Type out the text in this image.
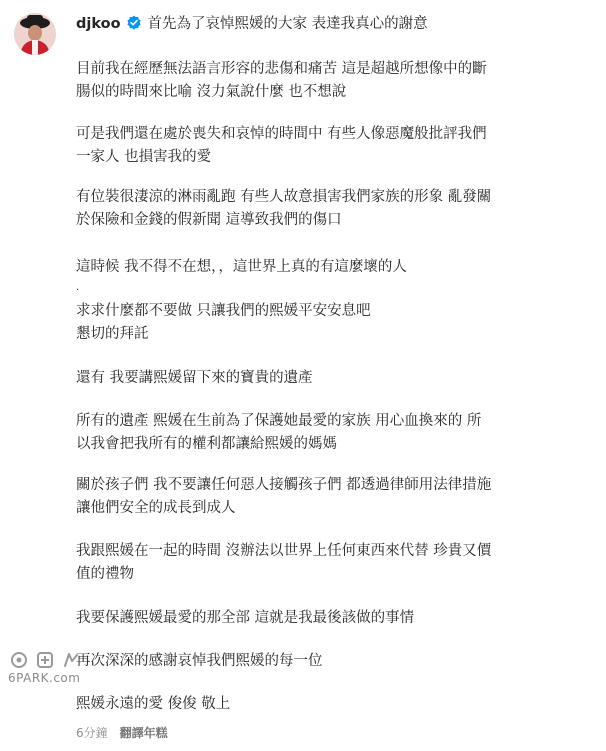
djkoo 首先為了哀悼熙媛的大家 表達我真心的謝意
目前我在經歷無法語言形容的悲傷和痛苦 這是超越所想像中的斷
腸似的時間來比喻 沒力氣說什麼 也不想說
可是我們還在處於喪失和哀悼的時間中 有些人像惡魔般批評我們
一家人 也損害我的愛
有位裝很淒涼的淋雨亂跑 有些人故意損害我們家族的形象 亂發關
於保險和金錢的假新聞 這導致我們的傷口
這時候 我不得不在想，，這世界上真的有這麼壞的人
.
求求什麼都不要做 只讓我們的熙媛平安安息吧
懇切的拜託
還有 我要講熙媛留下來的寶貴的遺產
所有的遺產 熙媛在生前為了保護她最愛的家族 用心血換來的 所
以我會把我所有的權利都讓給熙媛的媽媽
關於孩子們 我不要讓任何惡人接觸孩子們 都透過律師用法律措施
讓他們安全的成長到成人
我跟熙媛在一起的時間 沒辦法以世界上任何東西來代替 珍貴又價
值的禮物
我要保護熙媛最愛的那全部 這就是我最後該做的事情
再次深深的感謝哀悼我們熙媛的每一位
熙媛永遠的愛 俊俊 敬上
6分鐘 翻譯年糕
6PARK.com
